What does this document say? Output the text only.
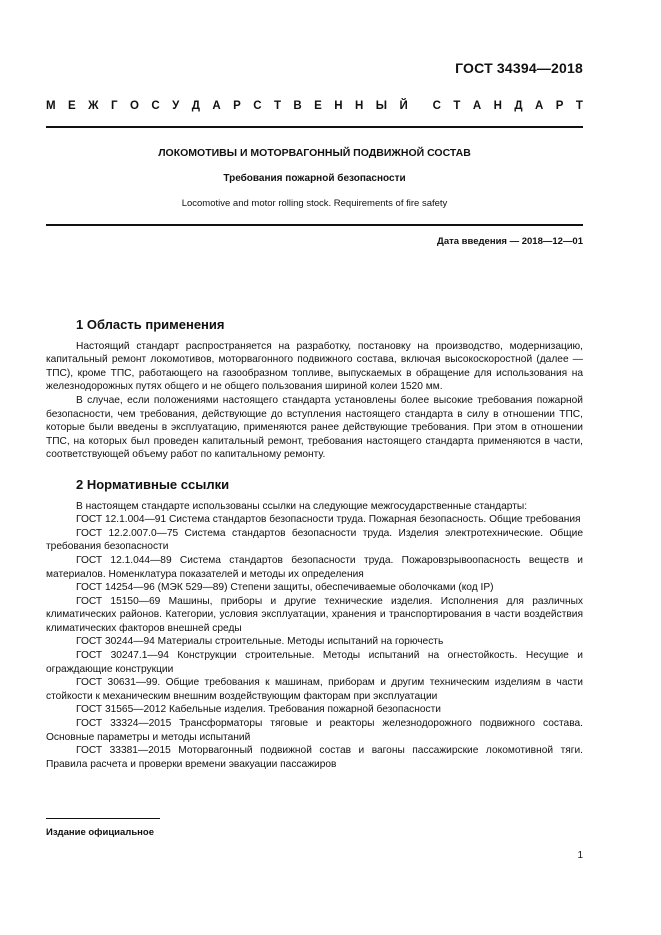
ГОСТ 34394—2018
М Е Ж Г О С У Д А Р С Т В Е Н Н Ы Й С Т А Н Д А Р Т
ЛОКОМОТИВЫ И МОТОРВАГОННЫЙ ПОДВИЖНОЙ СОСТАВ
Требования пожарной безопасности
Locomotive and motor rolling stock. Requirements of fire safety
Дата введения — 2018—12—01
1 Область применения

Настоящий стандарт распространяется на разработку, постановку на производство, модернизацию, капитальный ремонт локомотивов, моторвагонного подвижного состава, включая высокоскоростной (далее — ТПС), кроме ТПС, работающего на газообразном топливе, выпускаемых в обращение для использования на железнодорожных путях общего и не общего пользования шириной колеи 1520 мм.

В случае, если положениями настоящего стандарта установлены более высокие требования пожарной безопасности, чем требования, действующие до вступления настоящего стандарта в силу в отношении ТПС, которые были введены в эксплуатацию, применяются ранее действующие требования. При этом в отношении ТПС, на которых был проведен капитальный ремонт, требования настоящего стандарта применяются в части, соответствующей объему работ по капитальному ремонту.

2 Нормативные ссылки

В настоящем стандарте использованы ссылки на следующие межгосударственные стандарты:

ГОСТ 12.1.004—91 Система стандартов безопасности труда. Пожарная безопасность. Общие требования

ГОСТ 12.2.007.0—75 Система стандартов безопасности труда. Изделия электротехнические. Общие требования безопасности

ГОСТ 12.1.044—89 Система стандартов безопасности труда. Пожаровзрывоопасность веществ и материалов. Номенклатура показателей и методы их определения

ГОСТ 14254—96 (МЭК 529—89) Степени защиты, обеспечиваемые оболочками (код IP)

ГОСТ 15150—69 Машины, приборы и другие технические изделия. Исполнения для различных климатических районов. Категории, условия эксплуатации, хранения и транспортирования в части воздействия климатических факторов внешней среды

ГОСТ 30244—94 Материалы строительные. Методы испытаний на горючесть

ГОСТ 30247.1—94 Конструкции строительные. Методы испытаний на огнестойкость. Несущие и ограждающие конструкции

ГОСТ 30631—99. Общие требования к машинам, приборам и другим техническим изделиям в части стойкости к механическим внешним воздействующим факторам при эксплуатации

ГОСТ 31565—2012 Кабельные изделия. Требования пожарной безопасности

ГОСТ 33324—2015 Трансформаторы тяговые и реакторы железнодорожного подвижного состава. Основные параметры и методы испытаний

ГОСТ 33381—2015 Моторвагонный подвижной состав и вагоны пассажирские локомотивной тяги. Правила расчета и проверки времени эвакуации пассажиров

Издание официальное
1
